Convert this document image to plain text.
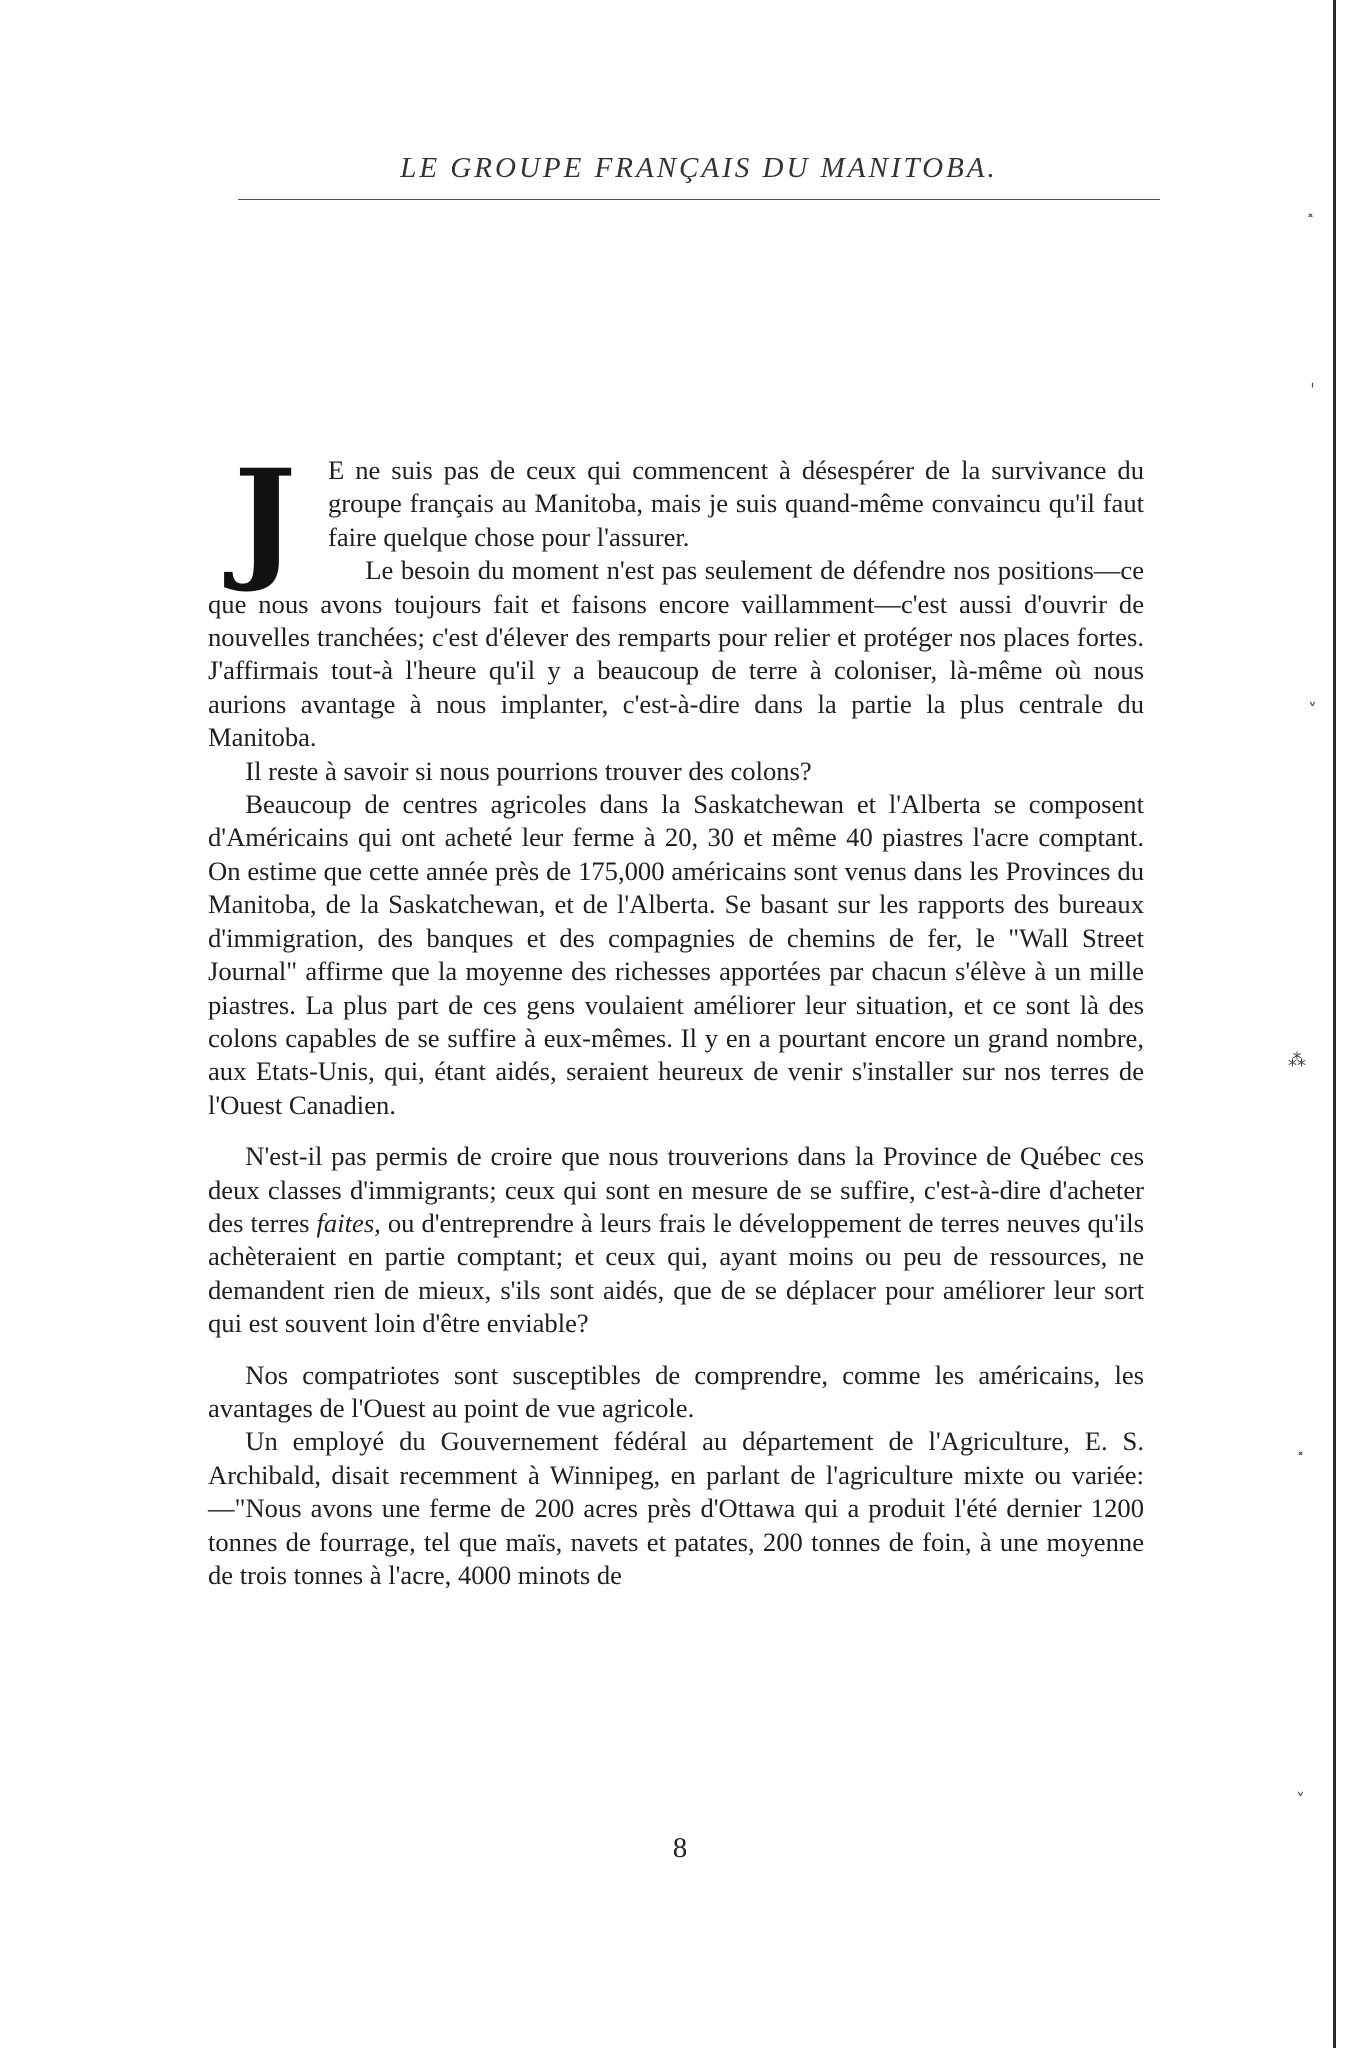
LE GROUPE FRANÇAIS DU MANITOBA.

J	E ne suis pas de ceux qui commencent à désespérer de la survivance du groupe français au Manitoba, mais je suis quand-même convaincu qu'il faut faire quelque chose pour l'assurer.

Le besoin du moment n'est pas seulement de défendre nos positions—ce que nous avons toujours fait et faisons encore vaillamment—c'est aussi d'ouvrir de nouvelles tranchées; c'est d'élever des remparts pour relier et protéger nos places fortes. J'affirmais tout-à l'heure qu'il y a beaucoup de terre à coloniser, là-même où nous aurions avantage à nous implanter, c'est-à-dire dans la partie la plus centrale du Manitoba.

Il reste à savoir si nous pourrions trouver des colons?

Beaucoup de centres agricoles dans la Saskatchewan et l'Alberta se composent d'Américains qui ont acheté leur ferme à 20, 30 et même 40 piastres l'acre comptant. On estime que cette année près de 175,000 américains sont venus dans les Provinces du Manitoba, de la Saskatchewan, et de l'Alberta. Se basant sur les rapports des bureaux d'immigration, des banques et des compagnies de chemins de fer, le "Wall Street Journal" affirme que la moyenne des richesses apportées par chacun s'élève à un mille piastres. La plus part de ces gens voulaient améliorer leur situation, et ce sont là des colons capables de se suffire à eux-mêmes. Il y en a pourtant encore un grand nombre, aux Etats-Unis, qui, étant aidés, seraient heureux de venir s'installer sur nos terres de l'Ouest Canadien.

N'est-il pas permis de croire que nous trouverions dans la Province de Québec ces deux classes d'immigrants; ceux qui sont en mesure de se suffire, c'est-à-dire d'acheter des terres faites, ou d'entreprendre à leurs frais le développement de terres neuves qu'ils achèteraient en partie comptant; et ceux qui, ayant moins ou peu de ressources, ne demandent rien de mieux, s'ils sont aidés, que de se déplacer pour améliorer leur sort qui est souvent loin d'être enviable?

Nos compatriotes sont susceptibles de comprendre, comme les américains, les avantages de l'Ouest au point de vue agricole.

Un employé du Gouvernement fédéral au département de l'Agriculture, E. S. Archibald, disait recemment à Winnipeg, en parlant de l'agriculture mixte ou variée:—"Nous avons une ferme de 200 acres près d'Ottawa qui a produit l'été dernier 1200 tonnes de fourrage, tel que maïs, navets et patates, 200 tonnes de foin, à une moyenne de trois tonnes à l'acre, 4000 minots de

8
˟
ˈ
˅
⁂
˟
˅
